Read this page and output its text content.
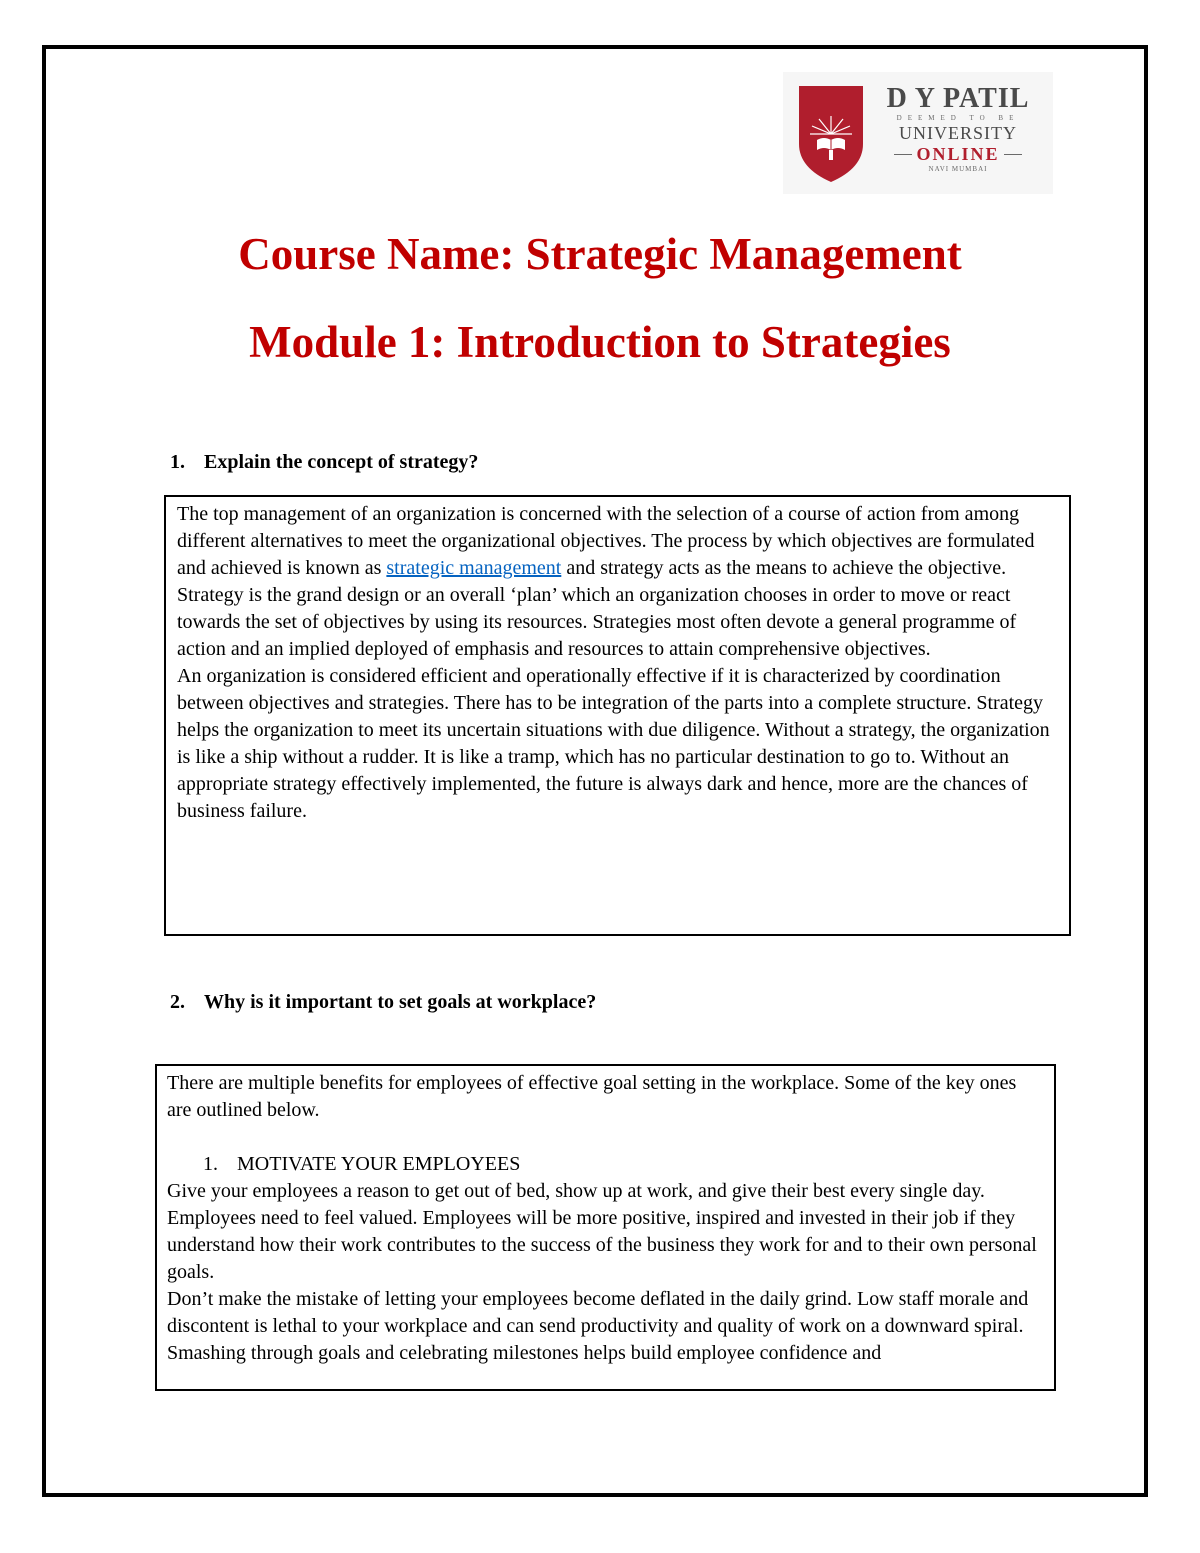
D Y PATIL
DEEMED TO BE
UNIVERSITY
ONLINE
NAVI MUMBAI
Course Name: Strategic Management
Module 1: Introduction to Strategies
1. Explain the concept of strategy?

The top management of an organization is concerned with the selection of a course of action from among different alternatives to meet the organizational objectives. The process by which objectives are formulated and achieved is known as strategic management and strategy acts as the means to achieve the objective.

Strategy is the grand design or an overall ‘plan’ which an organization chooses in order to move or react towards the set of objectives by using its resources. Strategies most often devote a general programme of action and an implied deployed of emphasis and resources to attain comprehensive objectives.

An organization is considered efficient and operationally effective if it is characterized by coordination between objectives and strategies. There has to be integration of the parts into a complete structure. Strategy helps the organization to meet its uncertain situations with due diligence. Without a strategy, the organization is like a ship without a rudder. It is like a tramp, which has no particular destination to go to. Without an appropriate strategy effectively implemented, the future is always dark and hence, more are the chances of business failure.

2. Why is it important to set goals at workplace?

There are multiple benefits for employees of effective goal setting in the workplace. Some of the key ones are outlined below.

1. MOTIVATE YOUR EMPLOYEES

Give your employees a reason to get out of bed, show up at work, and give their best every single day. Employees need to feel valued. Employees will be more positive, inspired and invested in their job if they understand how their work contributes to the success of the business they work for and to their own personal goals.

Don’t make the mistake of letting your employees become deflated in the daily grind. Low staff morale and discontent is lethal to your workplace and can send productivity and quality of work on a downward spiral.

Smashing through goals and celebrating milestones helps build employee confidence and
